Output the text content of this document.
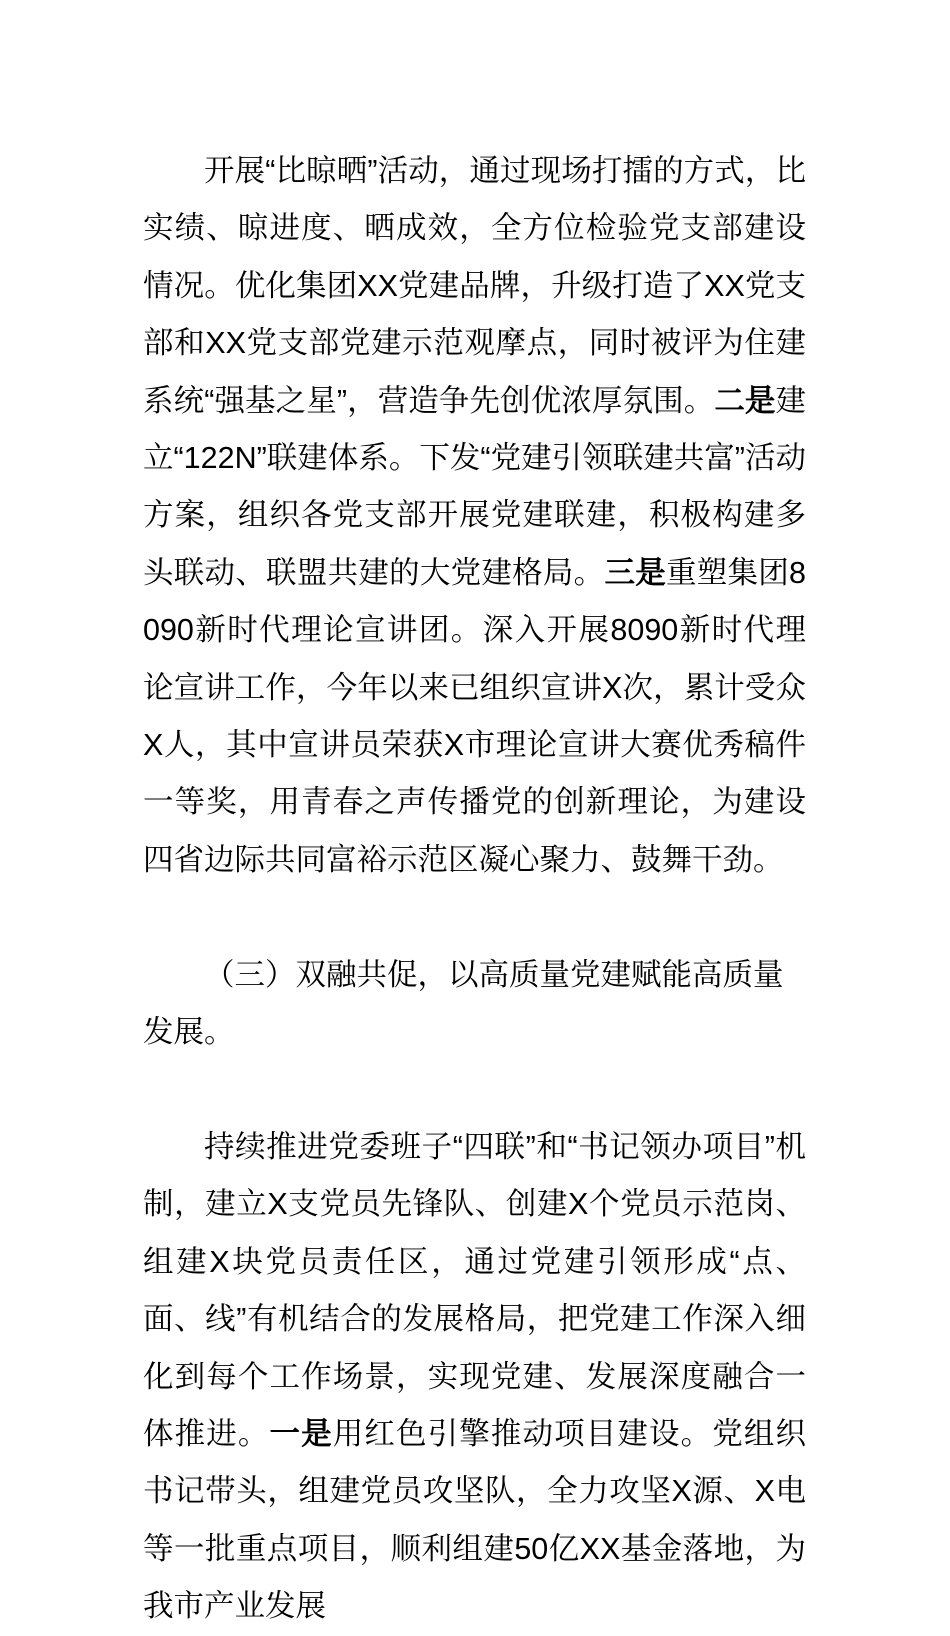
开展“比晾晒”活动，通过现场打擂的方式，比实绩、晾进度、晒成效，全方位检验党支部建设情况。优化集团XX党建品牌，升级打造了XX党支部和XX党支部党建示范观摩点，同时被评为住建系统“强基之星”，营造争先创优浓厚氛围。二是建立“122N”联建体系。下发“党建引领联建共富”活动方案，组织各党支部开展党建联建，积极构建多头联动、联盟共建的大党建格局。三是重塑集团8090新时代理论宣讲团。深入开展8090新时代理论宣讲工作，今年以来已组织宣讲X次，累计受众X人，其中宣讲员荣获X市理论宣讲大赛优秀稿件一等奖，用青春之声传播党的创新理论，为建设四省边际共同富裕示范区凝心聚力、鼓舞干劲。

（三）双融共促，以高质量党建赋能高质量发展。

持续推进党委班子“四联”和“书记领办项目”机制，建立X支党员先锋队、创建X个党员示范岗、组建X块党员责任区，通过党建引领形成“点、面、线”有机结合的发展格局，把党建工作深入细化到每个工作场景，实现党建、发展深度融合一体推进。一是用红色引擎推动项目建设。党组织书记带头，组建党员攻坚队，全力攻坚X源、X电等一批重点项目，顺利组建50亿XX基金落地，为我市产业发展
